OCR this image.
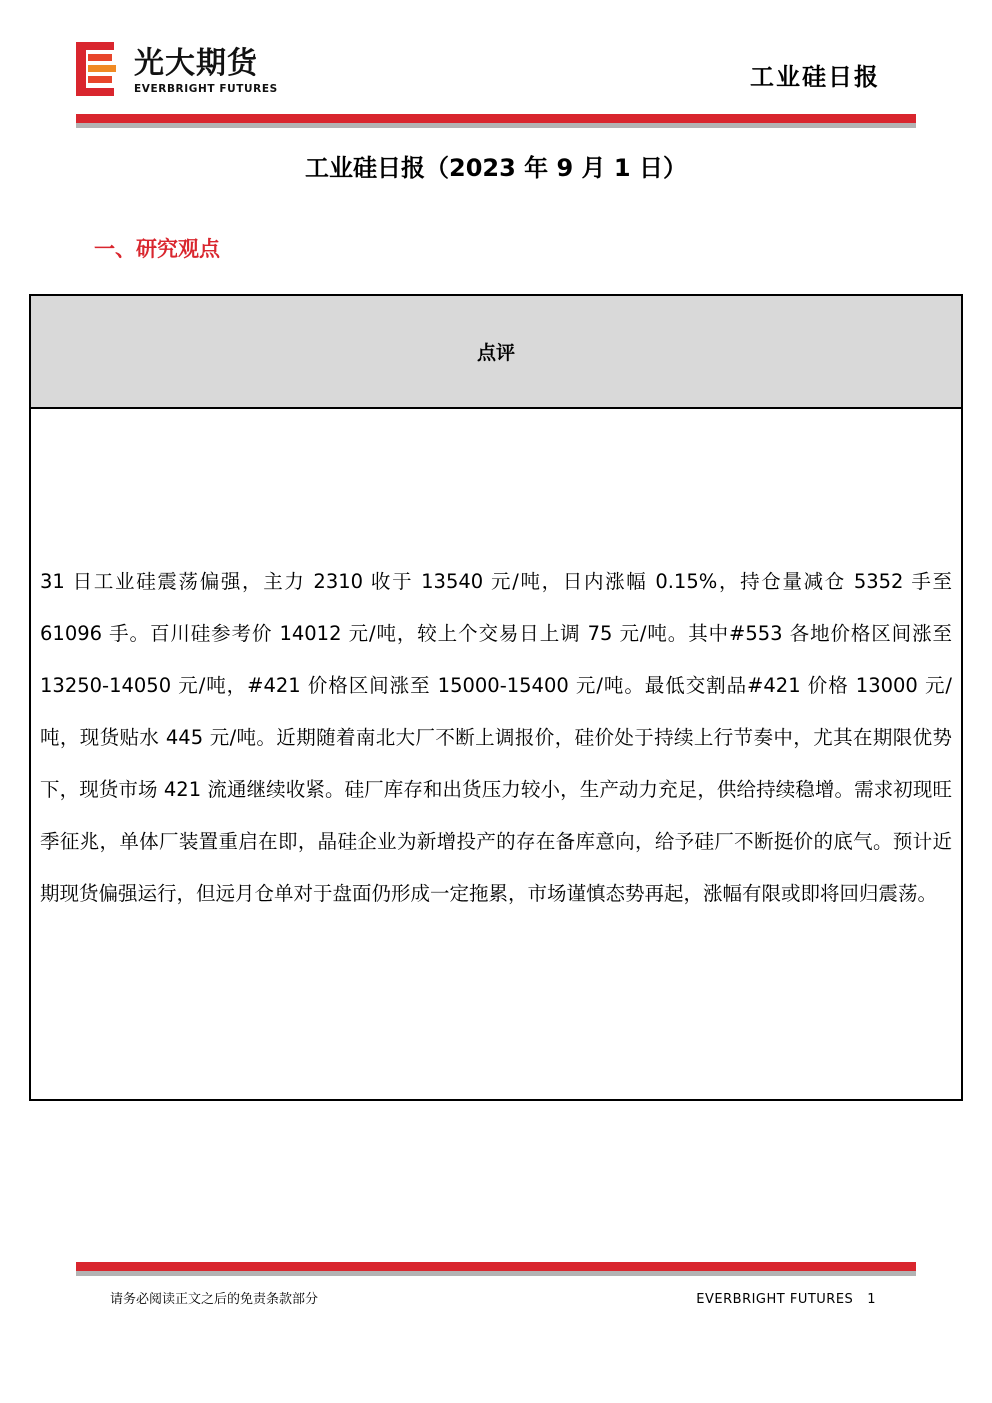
光大期货
EVERBRIGHT FUTURES	工业硅日报
工业硅日报（2023 年 9 月 1 日）
一、研究观点
点评
31 日工业硅震荡偏强，主力 2310 收于 13540 元/吨，日内涨幅 0.15%，持仓量减仓 5352 手至 61096 手。百川硅参考价 14012 元/吨，较上个交易日上调 75 元/吨。其中#553 各地价格区间涨至 13250-14050 元/吨，#421 价格区间涨至 15000-15400 元/吨。最低交割品#421 价格 13000 元/吨，现货贴水 445 元/吨。近期随着南北大厂不断上调报价，硅价处于持续上行节奏中，尤其在期限优势下，现货市场 421 流通继续收紧。硅厂库存和出货压力较小，生产动力充足，供给持续稳增。需求初现旺季征兆，单体厂装置重启在即，晶硅企业为新增投产的存在备库意向，给予硅厂不断挺价的底气。预计近期现货偏强运行，但远月仓单对于盘面仍形成一定拖累，市场谨慎态势再起，涨幅有限或即将回归震荡。
请务必阅读正文之后的免责条款部分	EVERBRIGHT FUTURES 1
